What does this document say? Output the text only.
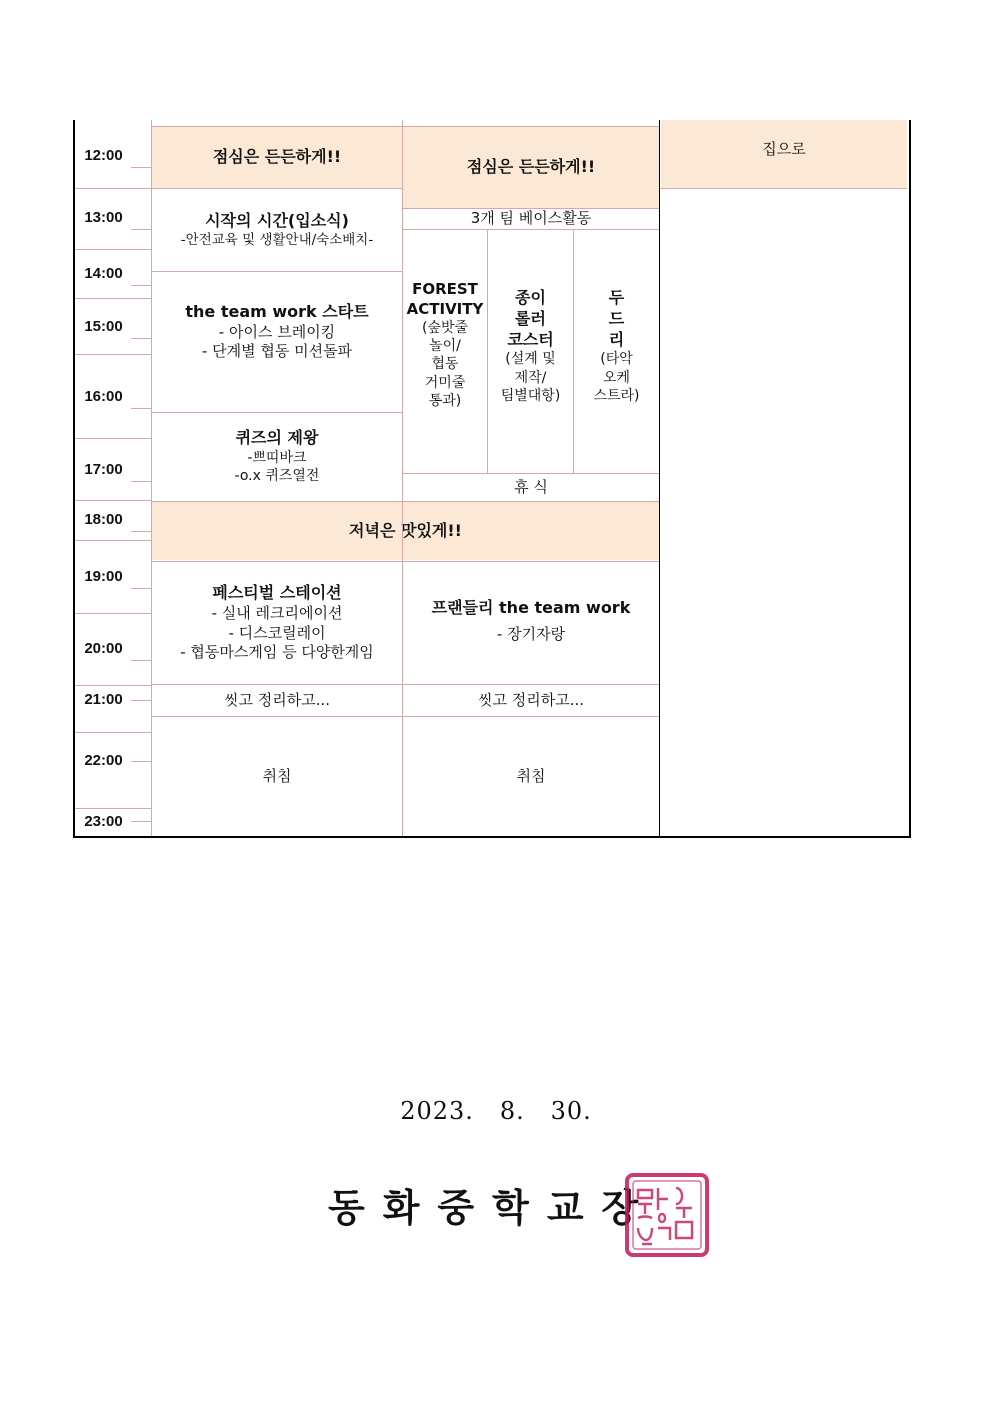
점심은 든든하게!!
점심은 든든하게!!
집으로
저녁은 맛있게!!
12:00
13:00
14:00
15:00
16:00
17:00
18:00
19:00
20:00
21:00
22:00
23:00
시작의 시간(입소식)
-안전교육 및 생활안내/숙소배치-
the team work 스타트
- 아이스 브레이킹
- 단계별 협동 미션돌파
퀴즈의 제왕
-쁘띠바크
-o.x 퀴즈열전
페스티벌 스테이션
- 실내 레크리에이션
- 디스코릴레이
- 협동마스게임 등 다양한게임
씻고 정리하고...
취침
3개 팀 베이스활동
FOREST
ACTIVITY
(숲밧줄
놀이/
협동
거미줄
통과)
종이
롤러
코스터
(설계 및
제작/
팀별대항)
두
드
리
(타악
오케
스트라)
휴 식
프랜들리 the team work
- 장기자랑
씻고 정리하고...
취침
2023.   8.   30.
동화중학교장
